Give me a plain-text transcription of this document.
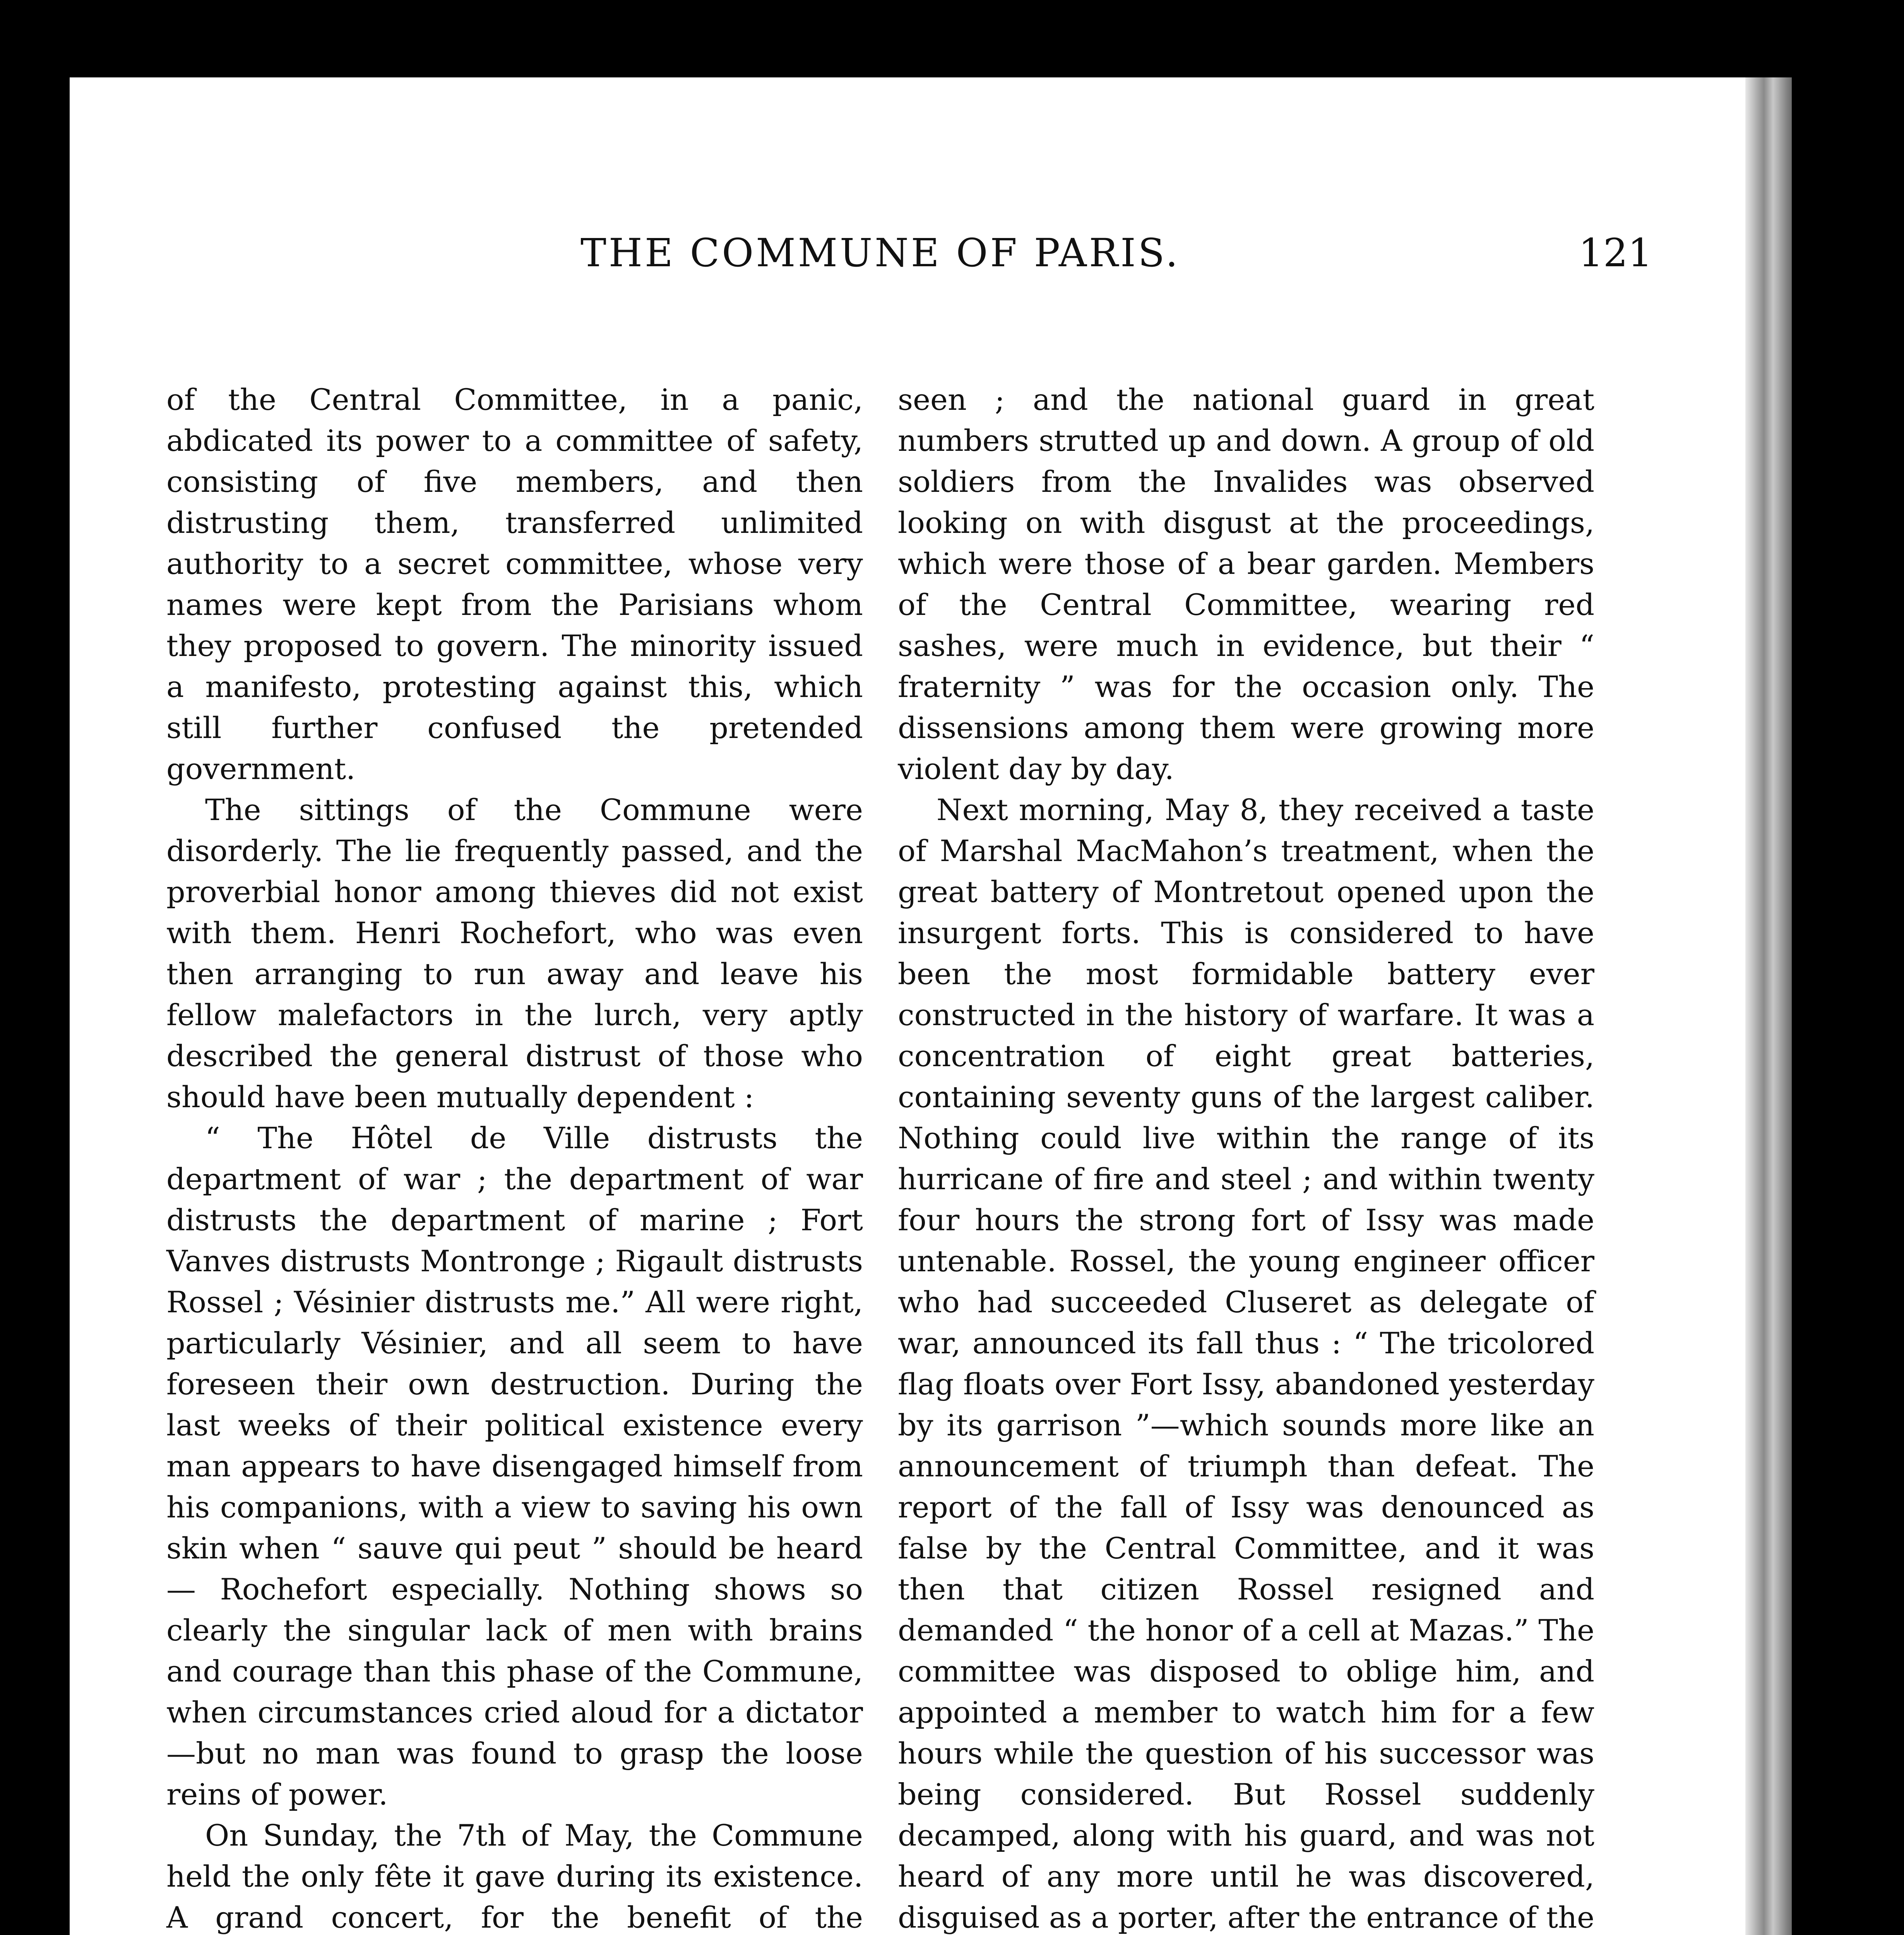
THE COMMUNE OF PARIS.	121

of the Central Committee, in a panic, abdicated its power to a committee of safety, consisting of five members, and then distrusting them, transferred unlimited authority to a secret committee, whose very names were kept from the Parisians whom they proposed to govern. The minority issued a manifesto, protesting against this, which still further confused the pretended government.

The sittings of the Commune were disorderly. The lie frequently passed, and the proverbial honor among thieves did not exist with them. Henri Rochefort, who was even then arranging to run away and leave his fellow malefactors in the lurch, very aptly described the general distrust of those who should have been mutually dependent :

“ The Hôtel de Ville distrusts the department of war ; the department of war distrusts the department of marine ; Fort Vanves distrusts Montronge ; Rigault distrusts Rossel ; Vésinier distrusts me.” All were right, particularly Vésinier, and all seem to have foreseen their own destruction. During the last weeks of their political existence every man appears to have disengaged himself from his companions, with a view to saving his own skin when “ sauve qui peut ” should be heard — Rochefort especially. Nothing shows so clearly the singular lack of men with brains and courage than this phase of the Commune, when circumstances cried aloud for a dictator—but no man was found to grasp the loose reins of power.

On Sunday, the 7th of May, the Commune held the only fête it gave during its existence. A grand concert, for the benefit of the

seen ; and the national guard in great numbers strutted up and down. A group of old soldiers from the Invalides was observed looking on with disgust at the proceedings, which were those of a bear garden. Members of the Central Committee, wearing red sashes, were much in evidence, but their “ fraternity ” was for the occasion only. The dissensions among them were growing more violent day by day.

Next morning, May 8, they received a taste of Marshal MacMahon’s treatment, when the great battery of Montretout opened upon the insurgent forts. This is considered to have been the most formidable battery ever constructed in the history of warfare. It was a concentration of eight great batteries, containing seventy guns of the largest caliber. Nothing could live within the range of its hurricane of fire and steel ; and within twenty four hours the strong fort of Issy was made untenable. Rossel, the young engineer officer who had succeeded Cluseret as delegate of war, announced its fall thus : “ The tricolored flag floats over Fort Issy, abandoned yesterday by its garrison ”—which sounds more like an announcement of triumph than defeat. The report of the fall of Issy was denounced as false by the Central Committee, and it was then that citizen Rossel resigned and demanded “ the honor of a cell at Mazas.” The committee was disposed to oblige him, and appointed a member to watch him for a few hours while the question of his successor was being considered. But Rossel suddenly decamped, along with his guard, and was not heard of any more until he was discovered, disguised as a porter, after the entrance of the
